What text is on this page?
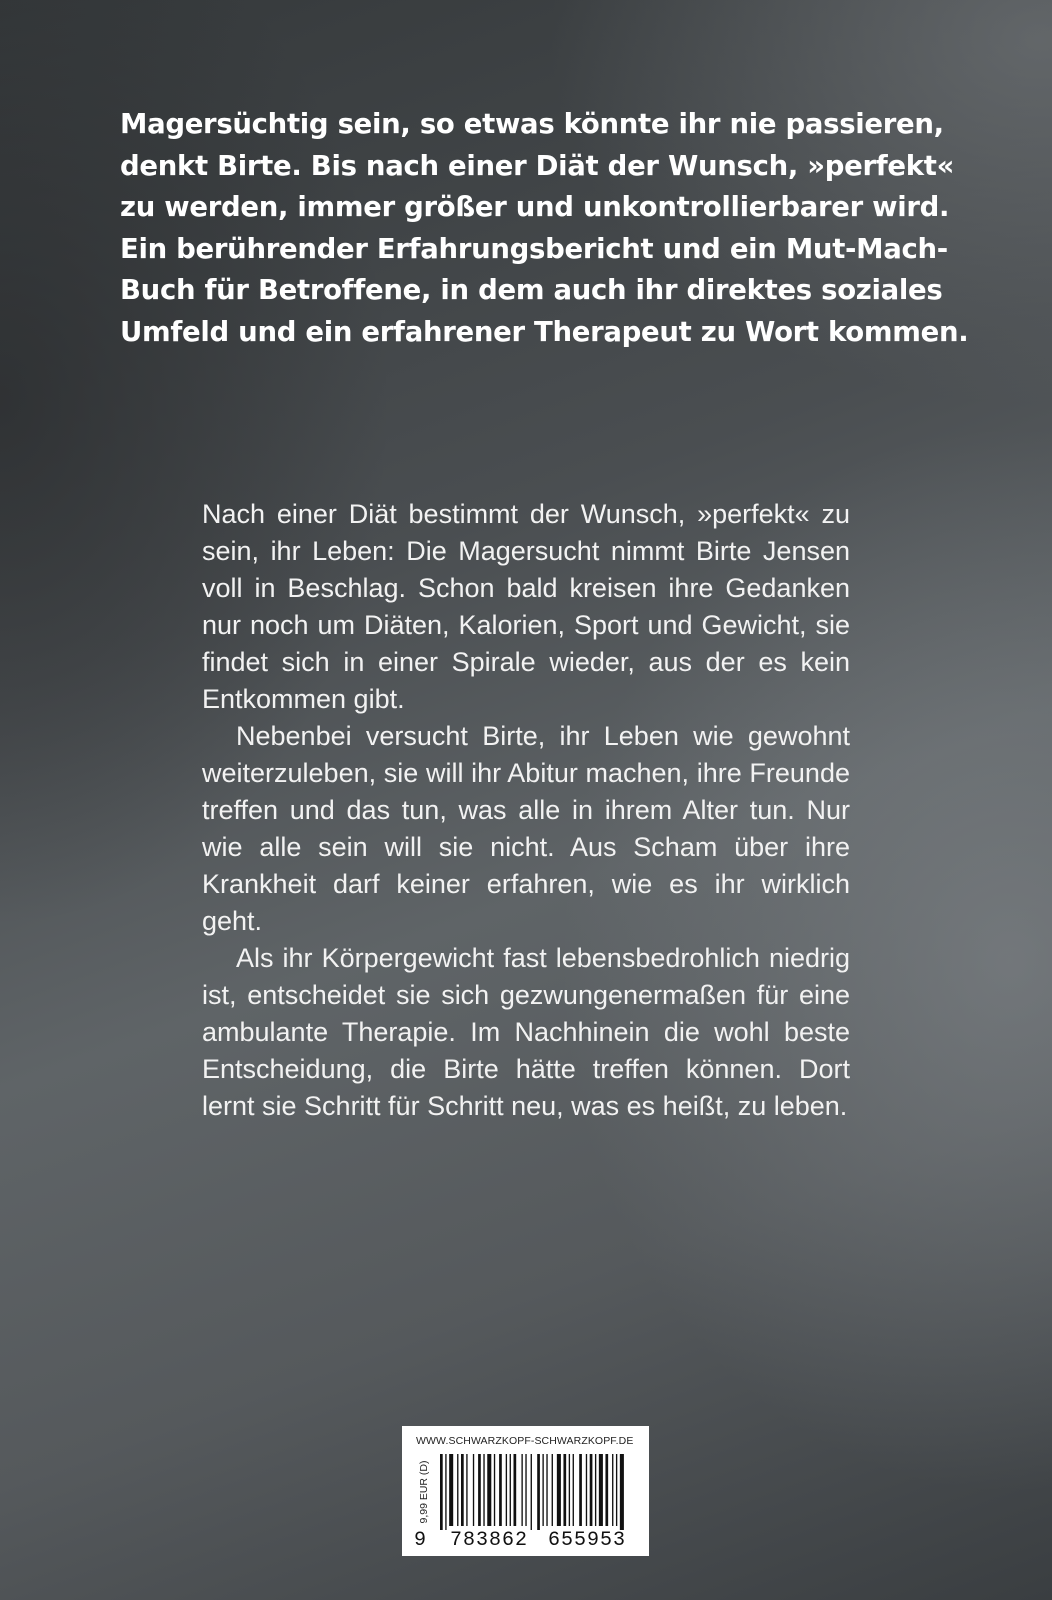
Magersüchtig sein, so etwas könnte ihr nie passieren,
denkt Birte. Bis nach einer Diät der Wunsch, »perfekt«
zu werden, immer größer und unkontrollierbarer wird.
Ein berührender Erfahrungsbericht und ein Mut-Mach-
Buch für Betroffene, in dem auch ihr direktes soziales
Umfeld und ein erfahrener Therapeut zu Wort kommen.

Nach einer Diät bestimmt der Wunsch, »perfekt« zu sein, ihr Leben: Die Magersucht nimmt Birte Jensen voll in Beschlag. Schon bald kreisen ihre Gedanken nur noch um Diäten, Kalorien, Sport und Gewicht, sie findet sich in einer Spirale wieder, aus der es kein Entkommen gibt.

Nebenbei versucht Birte, ihr Leben wie gewohnt weiterzuleben, sie will ihr Abitur machen, ihre Freunde treffen und das tun, was alle in ihrem Alter tun. Nur wie alle sein will sie nicht. Aus Scham über ihre Krankheit darf keiner erfahren, wie es ihr wirklich geht.

Als ihr Körpergewicht fast lebensbedrohlich niedrig ist, entscheidet sie sich gezwungenermaßen für eine ambulante Therapie. Im Nachhinein die wohl beste Entscheidung, die Birte hätte treffen können. Dort lernt sie Schritt für Schritt neu, was es heißt, zu leben.

WWW.SCHWARZKOPF-SCHWARZKOPF.DE
9,99 EUR (D)
9 783862 655953
